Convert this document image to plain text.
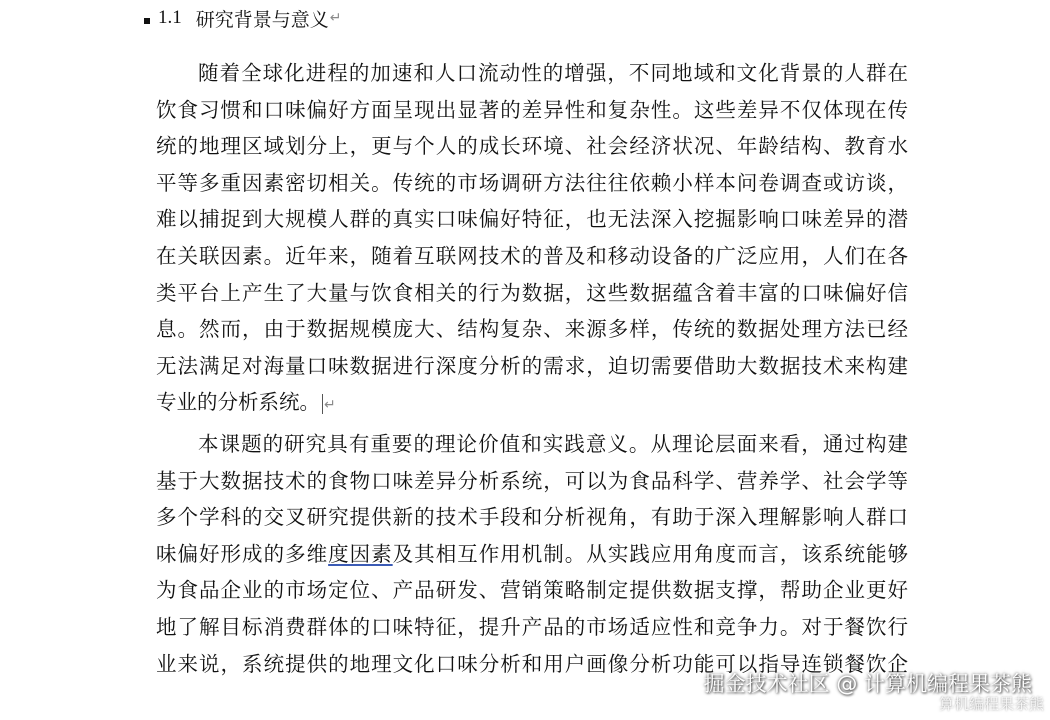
1.1 研究背景与意义 ↵
随着全球化进程的加速和人口流动性的增强，不同地域和文化背景的人群在
饮食习惯和口味偏好方面呈现出显著的差异性和复杂性。这些差异不仅体现在传
统的地理区域划分上，更与个人的成长环境、社会经济状况、年龄结构、教育水
平等多重因素密切相关。传统的市场调研方法往往依赖小样本问卷调查或访谈，
难以捕捉到大规模人群的真实口味偏好特征，也无法深入挖掘影响口味差异的潜
在关联因素。近年来，随着互联网技术的普及和移动设备的广泛应用，人们在各
类平台上产生了大量与饮食相关的行为数据，这些数据蕴含着丰富的口味偏好信
息。然而，由于数据规模庞大、结构复杂、来源多样，传统的数据处理方法已经
无法满足对海量口味数据进行深度分析的需求，迫切需要借助大数据技术来构建
专业的分析系统。 ↵
本课题的研究具有重要的理论价值和实践意义。从理论层面来看，通过构建
基于大数据技术的食物口味差异分析系统，可以为食品科学、营养学、社会学等
多个学科的交叉研究提供新的技术手段和分析视角，有助于深入理解影响人群口
味偏好形成的多维度因素及其相互作用机制。从实践应用角度而言，该系统能够
为食品企业的市场定位、产品研发、营销策略制定提供数据支撑，帮助企业更好
地了解目标消费群体的口味特征，提升产品的市场适应性和竞争力。对于餐饮行
业来说，系统提供的地理文化口味分析和用户画像分析功能可以指导连锁餐饮企
掘金技术社区 @ 计算机编程果茶熊
算机编程果茶熊
